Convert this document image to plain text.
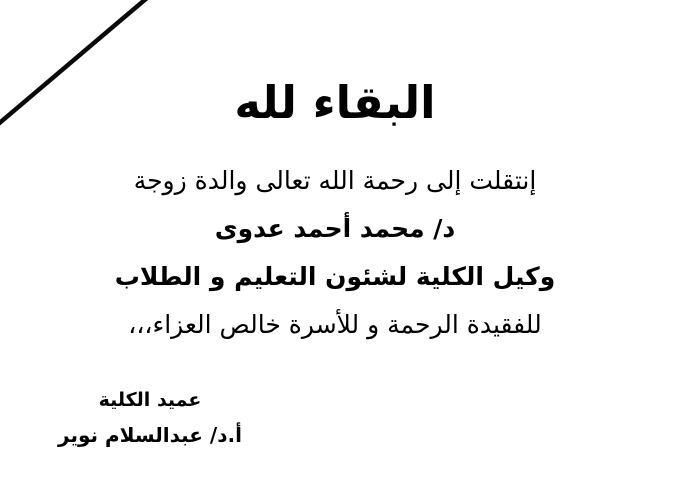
البقاء لله

إنتقلت إلى رحمة الله تعالى والدة زوجة

د/ محمد أحمد عدوى

وكيل الكلية لشئون التعليم و الطلاب

للفقيدة الرحمة و للأسرة خالص العزاء،،،

عميد الكلية

أ.د/ عبدالسلام نوير
